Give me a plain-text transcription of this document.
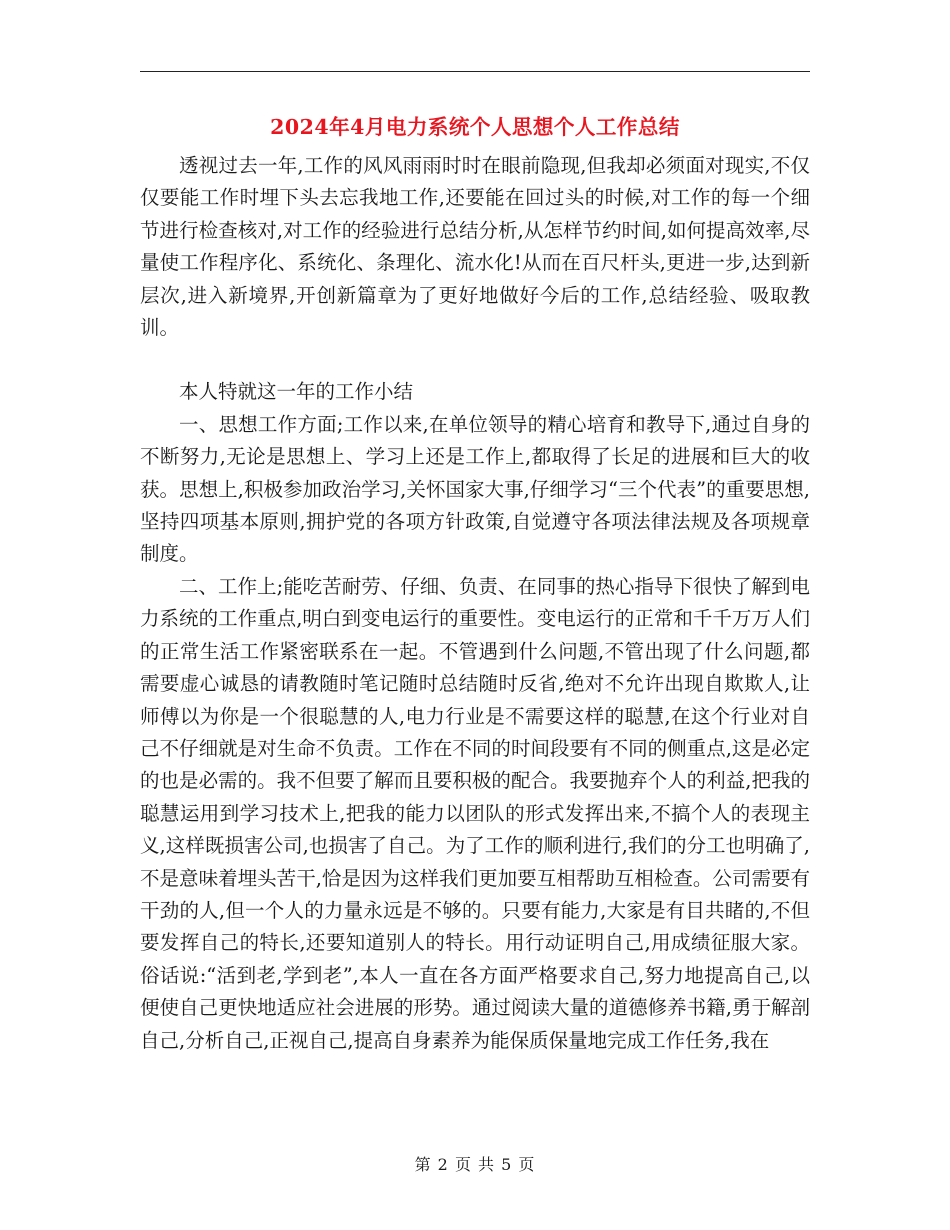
2024年4月电力系统个人思想个人工作总结

透视过去一年,工作的风风雨雨时时在眼前隐现,但我却必须面对现实,不仅仅要能工作时埋下头去忘我地工作,还要能在回过头的时候,对工作的每一个细节进行检查核对,对工作的经验进行总结分析,从怎样节约时间,如何提高效率,尽量使工作程序化、系统化、条理化、流水化!从而在百尺杆头,更进一步,达到新层次,进入新境界,开创新篇章为了更好地做好今后的工作,总结经验、吸取教训。

本人特就这一年的工作小结

一、思想工作方面;工作以来,在单位领导的精心培育和教导下,通过自身的不断努力,无论是思想上、学习上还是工作上,都取得了长足的进展和巨大的收获。思想上,积极参加政治学习,关怀国家大事,仔细学习“三个代表”的重要思想,坚持四项基本原则,拥护党的各项方针政策,自觉遵守各项法律法规及各项规章制度。

二、工作上;能吃苦耐劳、仔细、负责、在同事的热心指导下很快了解到电力系统的工作重点,明白到变电运行的重要性。变电运行的正常和千千万万人们的正常生活工作紧密联系在一起。不管遇到什么问题,不管出现了什么问题,都需要虚心诚恳的请教随时笔记随时总结随时反省,绝对不允许出现自欺欺人,让师傅以为你是一个很聪慧的人,电力行业是不需要这样的聪慧,在这个行业对自己不仔细就是对生命不负责。工作在不同的时间段要有不同的侧重点,这是必定的也是必需的。我不但要了解而且要积极的配合。我要抛弃个人的利益,把我的聪慧运用到学习技术上,把我的能力以团队的形式发挥出来,不搞个人的表现主义,这样既损害公司,也损害了自己。为了工作的顺利进行,我们的分工也明确了,不是意味着埋头苦干,恰是因为这样我们更加要互相帮助互相检查。公司需要有干劲的人,但一个人的力量永远是不够的。只要有能力,大家是有目共睹的,不但要发挥自己的特长,还要知道别人的特长。用行动证明自己,用成绩征服大家。俗话说:“活到老,学到老”,本人一直在各方面严格要求自己,努力地提高自己,以便使自己更快地适应社会进展的形势。通过阅读大量的道德修养书籍,勇于解剖自己,分析自己,正视自己,提高自身素养为能保质保量地完成工作任务,我在

第 2 页 共 5 页
